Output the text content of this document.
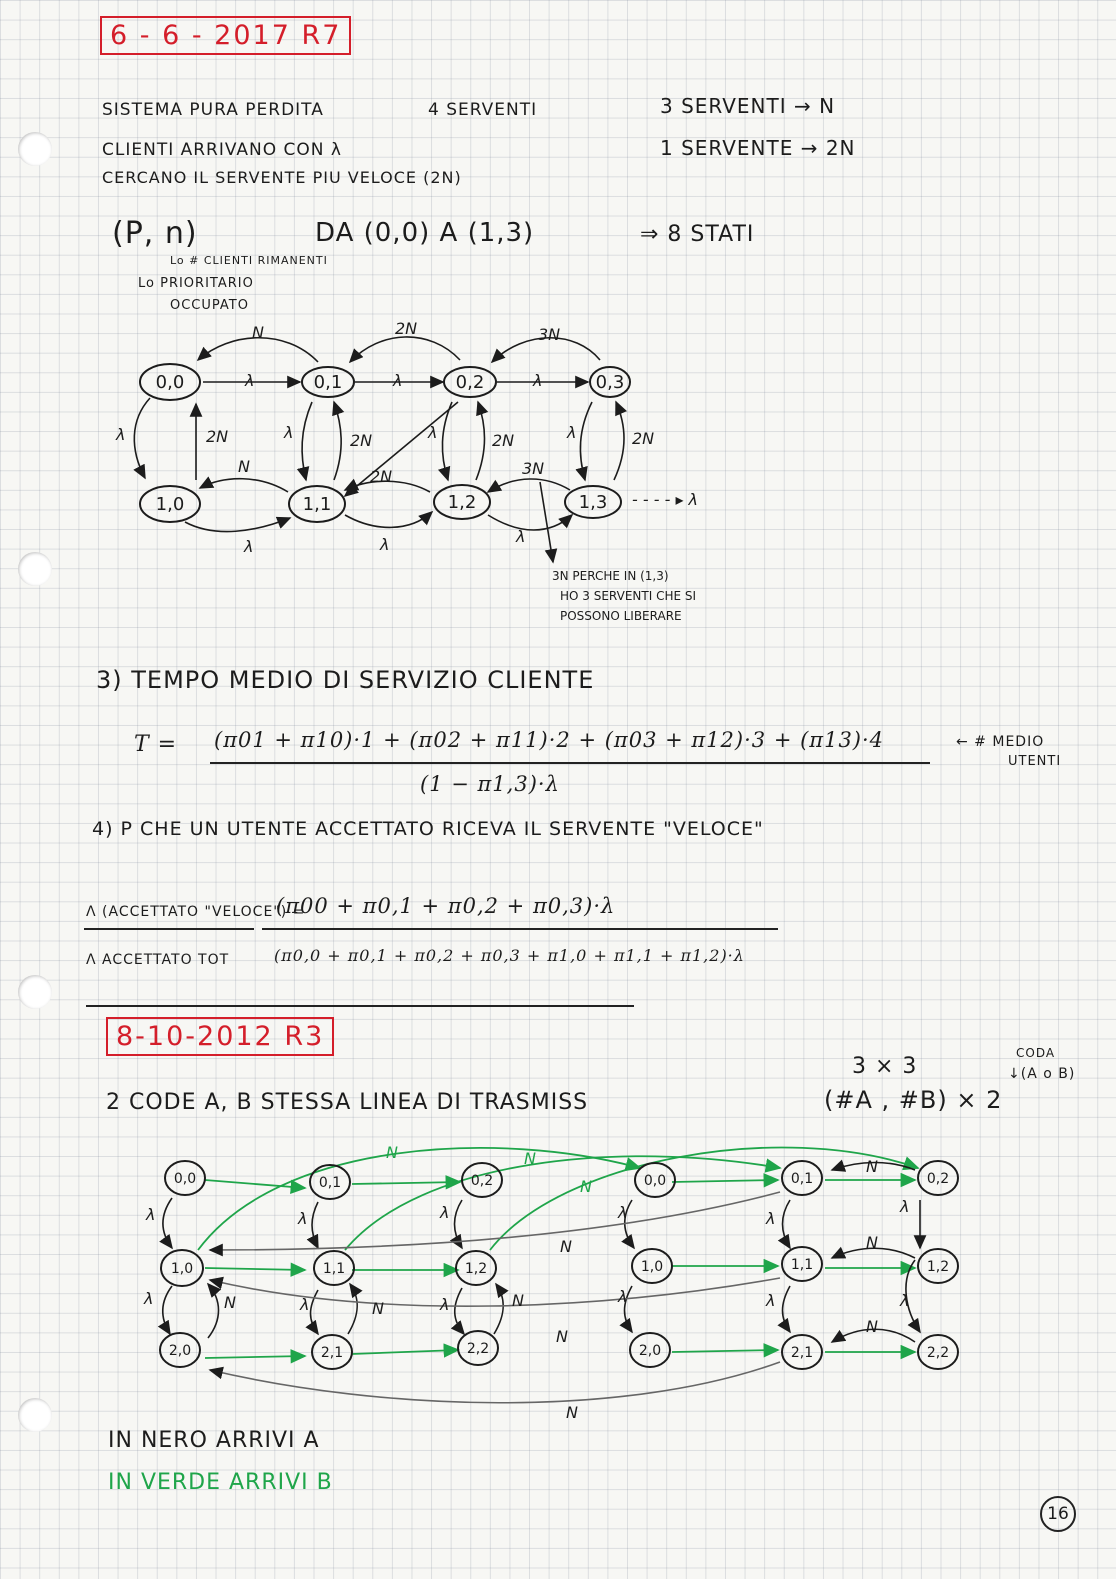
6 - 6 - 2017 R7
SISTEMA PURA PERDITA	4 SERVENTI	3 SERVENTI → N
CLIENTI ARRIVANO CON λ	1 SERVENTE → 2N
CERCANO IL SERVENTE PIU VELOCE (2N)
(P, n)	DA (0,0) A (1,3)	⇒ 8 STATI
Lo # CLIENTI RIMANENTI
Lo PRIORITARIO
OCCUPATO
0,0	0,1	0,2	0,3
1,0	1,1	1,2	1,3
N	2N	3N
λ	λ	λ
λ	2N	λ	2N	λ	2N	λ	2N
N
2N	3N
λ	λ	λ
- - - - ▸ λ
3N PERCHE IN (1,3)
HO 3 SERVENTI CHE SI
POSSONO LIBERARE
3) TEMPO MEDIO DI SERVIZIO CLIENTE
T = (π01 + π10)·1 + (π02 + π11)·2 + (π03 + π12)·3 + (π13)·4
(1 − π1,3)·λ
← # MEDIO
UTENTI
4) P CHE UN UTENTE ACCETTATO RICEVA IL SERVENTE "VELOCE"
Λ (ACCETTATO "VELOCE") =
Λ ACCETTATO TOT
(π00 + π0,1 + π0,2 + π0,3)·λ
(π0,0 + π0,1 + π0,2 + π0,3 + π1,0 + π1,1 + π1,2)·λ
8-10-2012 R3
2 CODE A, B STESSA LINEA DI TRASMISS
3 × 3
(#A , #B) × 2
CODA
↓(A o B)
0,0	0,1	0,2	0,0	0,1	0,2
1,0	1,1	1,2	1,0	1,1	1,2
2,0	2,1	2,2	2,0	2,1	2,2
N	N
N
N
N
N
N
N
N
N	N	N
λ
λ
λ
λ
λ
λ
λ
λ
λ
λ
λ
λ
IN NERO ARRIVI A
IN VERDE ARRIVI B
16
